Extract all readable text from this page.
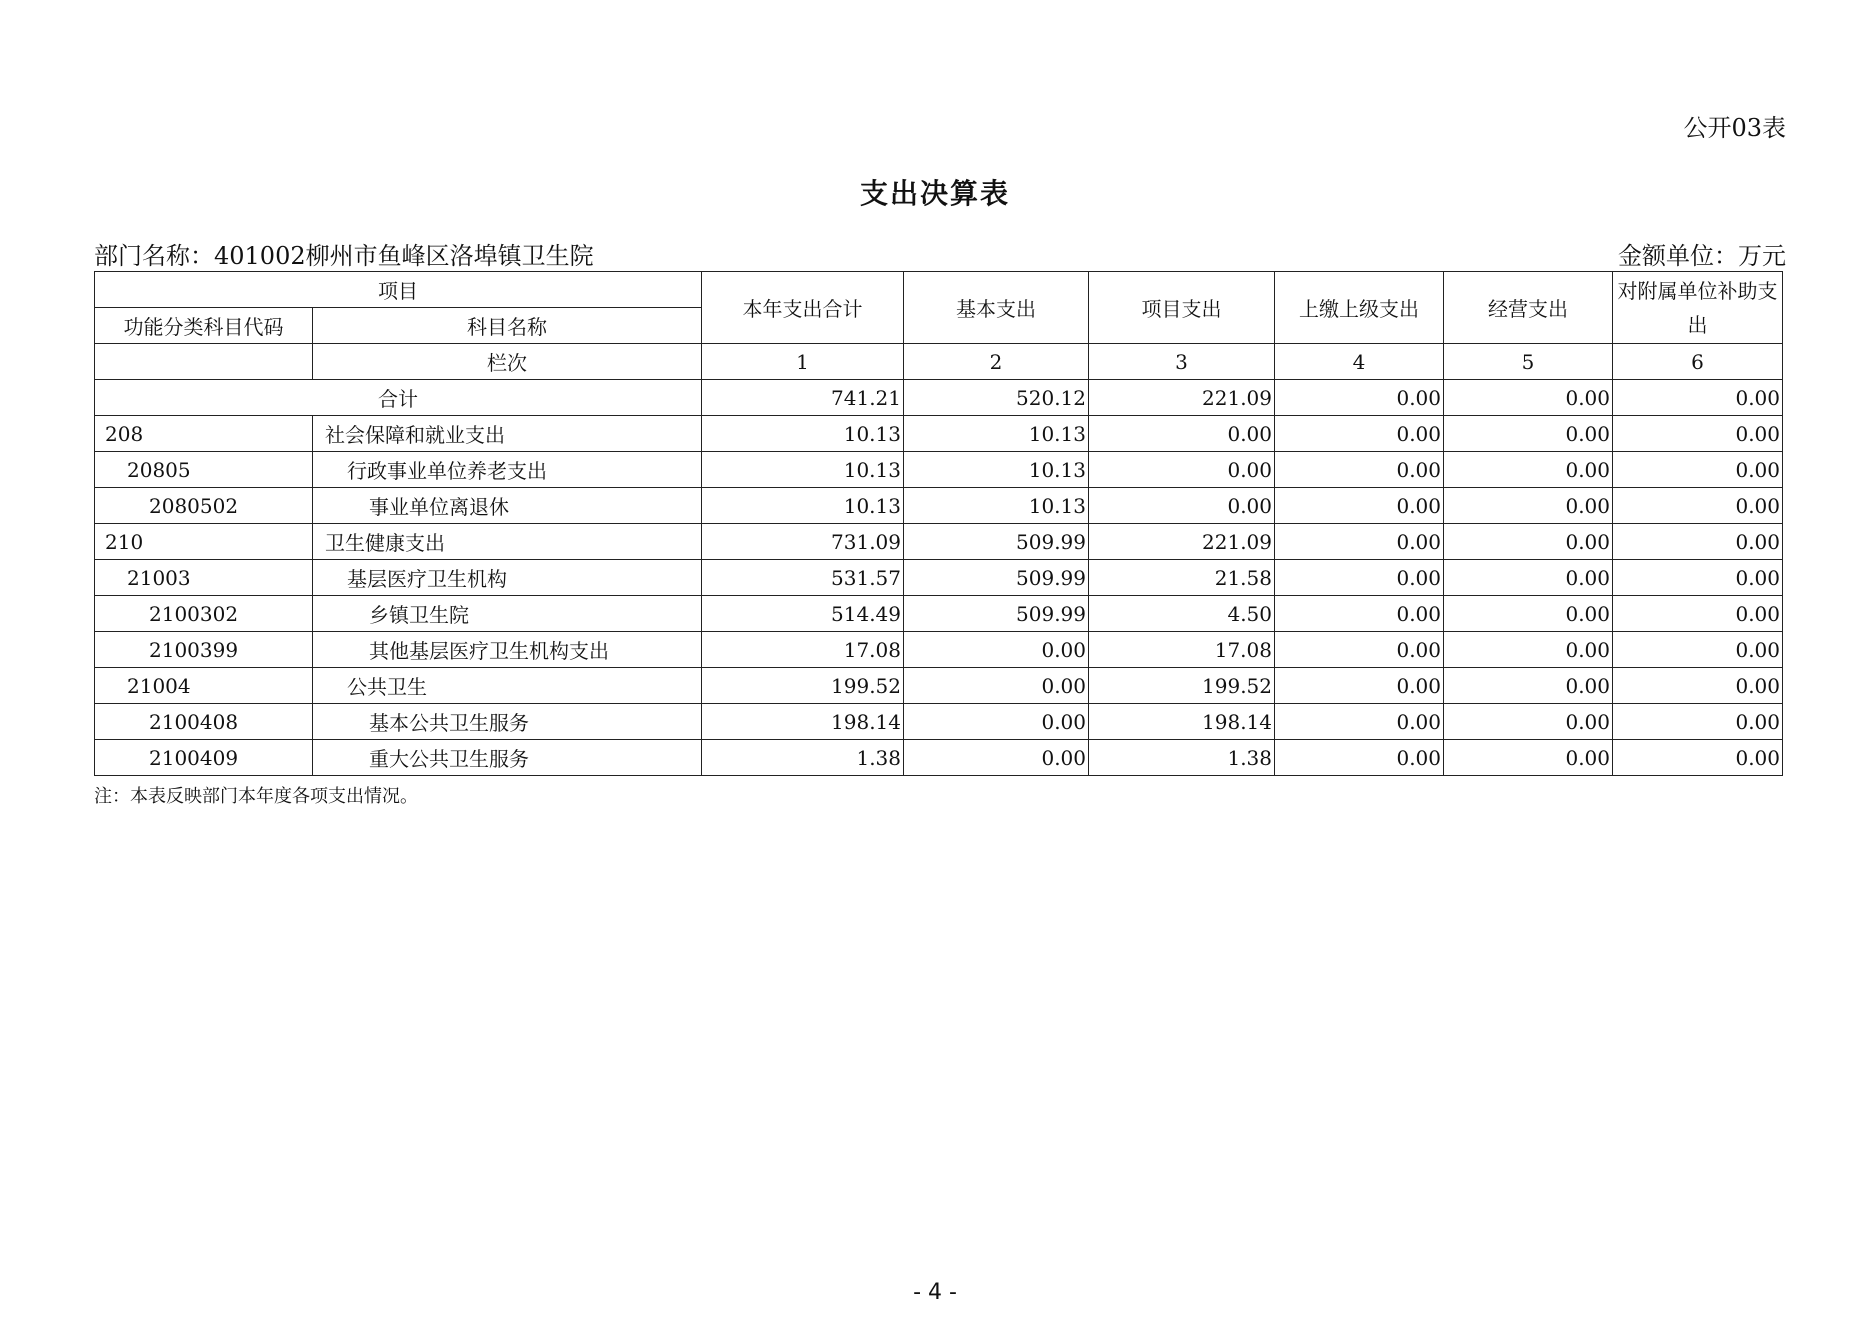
公开03表
支出决算表
部门名称：401002柳州市鱼峰区洛埠镇卫生院	金额单位：万元
项目		本年支出合计	基本支出	项目支出	上缴上级支出	经营支出	对附属单位补助支出
功能分类科目代码	科目名称						
	栏次	1	2	3	4	5	6
合计		741.21	520.12	221.09	0.00	0.00	0.00
208	社会保障和就业支出	10.13	10.13	0.00	0.00	0.00	0.00
20805	行政事业单位养老支出	10.13	10.13	0.00	0.00	0.00	0.00
2080502	事业单位离退休	10.13	10.13	0.00	0.00	0.00	0.00
210	卫生健康支出	731.09	509.99	221.09	0.00	0.00	0.00
21003	基层医疗卫生机构	531.57	509.99	21.58	0.00	0.00	0.00
2100302	乡镇卫生院	514.49	509.99	4.50	0.00	0.00	0.00
2100399	其他基层医疗卫生机构支出	17.08	0.00	17.08	0.00	0.00	0.00
21004	公共卫生	199.52	0.00	199.52	0.00	0.00	0.00
2100408	基本公共卫生服务	198.14	0.00	198.14	0.00	0.00	0.00
2100409	重大公共卫生服务	1.38	0.00	1.38	0.00	0.00	0.00
注：本表反映部门本年度各项支出情况。
- 4 -
